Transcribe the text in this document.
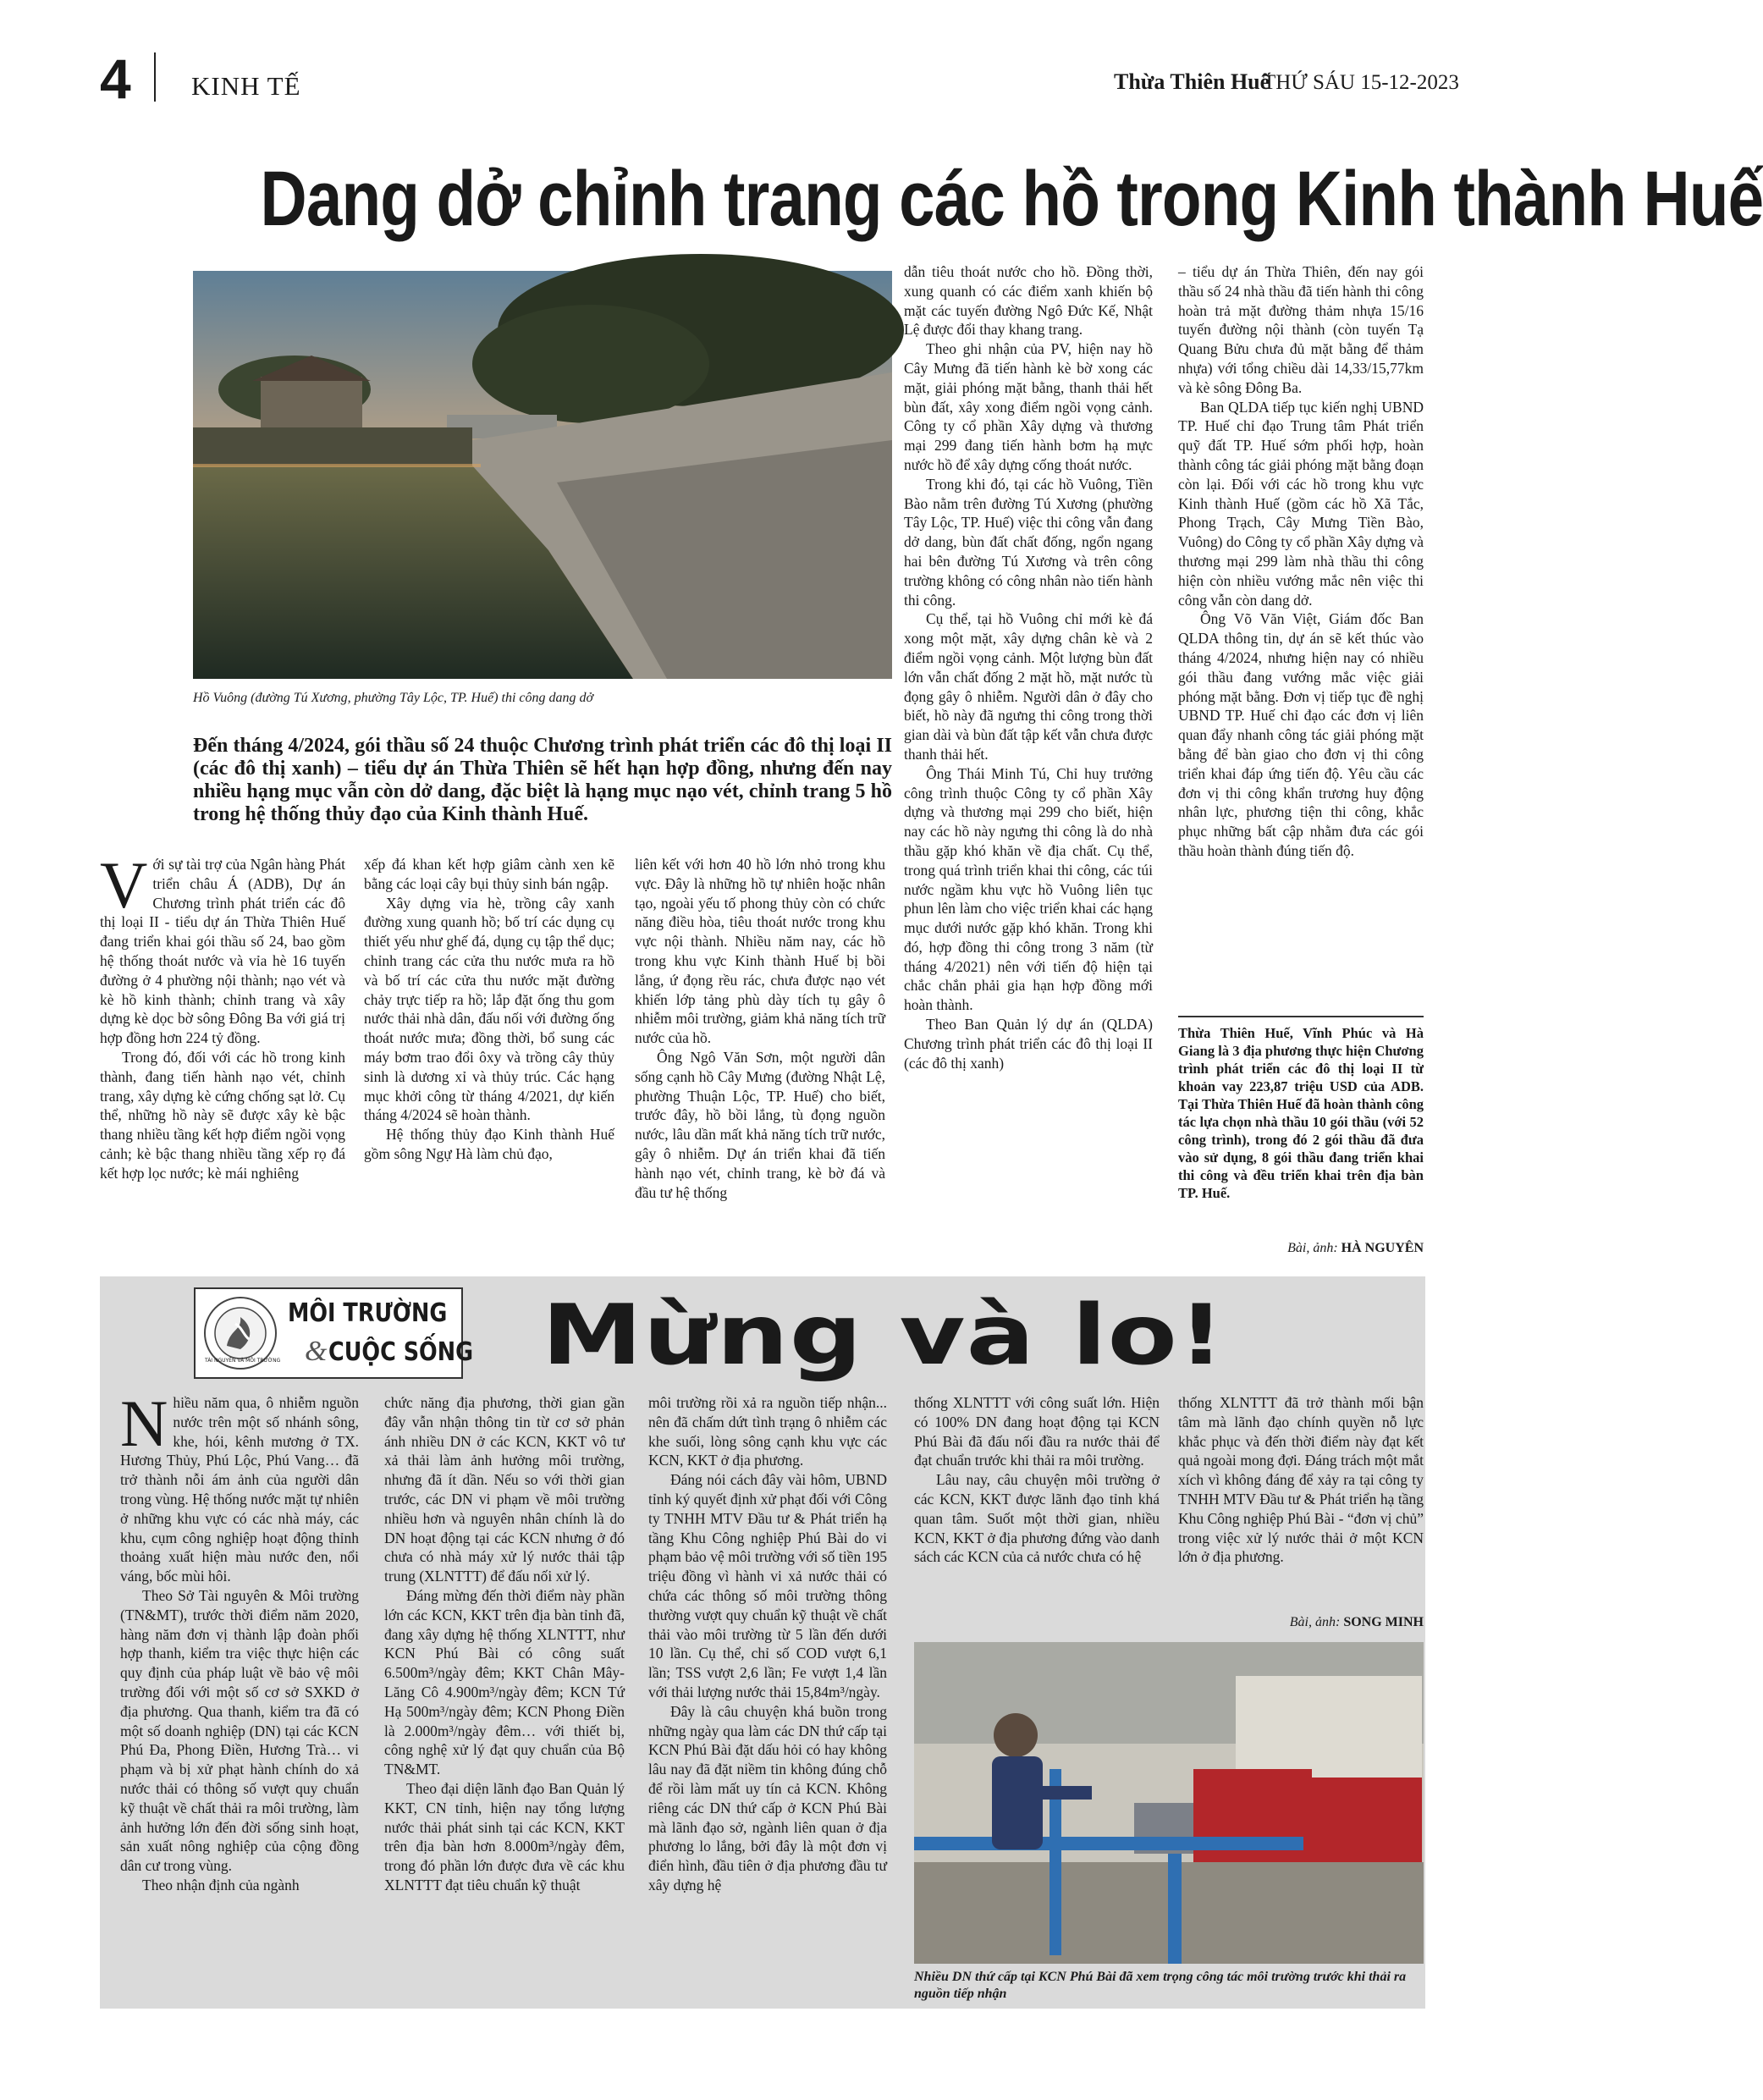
4 KINH TẾ	Thừa Thiên Huế
THỨ SÁU 15-12-2023
Dang dở chỉnh trang các hồ trong Kinh thành Huế
Hồ Vuông (đường Tú Xương, phường Tây Lộc, TP. Huế) thi công dang dở
Đến tháng 4/2024, gói thầu số 24 thuộc Chương trình phát triển các đô thị loại II (các đô thị xanh) – tiểu dự án Thừa Thiên sẽ hết hạn hợp đồng, nhưng đến nay nhiều hạng mục vẫn còn dở dang, đặc biệt là hạng mục nạo vét, chỉnh trang 5 hồ trong hệ thống thủy đạo của Kinh thành Huế.

Với sự tài trợ của Ngân hàng Phát triển châu Á (ADB), Dự án Chương trình phát triển các đô thị loại II - tiểu dự án Thừa Thiên Huế đang triển khai gói thầu số 24, bao gồm hệ thống thoát nước và vỉa hè 16 tuyến đường ở 4 phường nội thành; nạo vét và kè hồ kinh thành; chỉnh trang và xây dựng kè dọc bờ sông Đông Ba với giá trị hợp đồng hơn 224 tỷ đồng.

Trong đó, đối với các hồ trong kinh thành, đang tiến hành nạo vét, chỉnh trang, xây dựng kè cứng chống sạt lở. Cụ thể, những hồ này sẽ được xây kè bậc thang nhiều tầng kết hợp điểm ngồi vọng cảnh; kè bậc thang nhiều tầng xếp rọ đá kết hợp lọc nước; kè mái nghiêng

xếp đá khan kết hợp giâm cành xen kẽ bằng các loại cây bụi thủy sinh bán ngập.

Xây dựng vỉa hè, trồng cây xanh đường xung quanh hồ; bố trí các dụng cụ thiết yếu như ghế đá, dụng cụ tập thể dục; chỉnh trang các cửa thu nước mưa ra hồ và bố trí các cửa thu nước mặt đường chảy trực tiếp ra hồ; lắp đặt ống thu gom nước thải nhà dân, đấu nối với đường ống thoát nước mưa; đồng thời, bổ sung các máy bơm trao đổi ôxy và trồng cây thủy sinh là dương xỉ và thủy trúc. Các hạng mục khởi công từ tháng 4/2021, dự kiến tháng 4/2024 sẽ hoàn thành.

Hệ thống thủy đạo Kinh thành Huế gồm sông Ngự Hà làm chủ đạo,

liên kết với hơn 40 hồ lớn nhỏ trong khu vực. Đây là những hồ tự nhiên hoặc nhân tạo, ngoài yếu tố phong thủy còn có chức năng điều hòa, tiêu thoát nước trong khu vực nội thành. Nhiều năm nay, các hồ trong khu vực Kinh thành Huế bị bồi lắng, ứ đọng rều rác, chưa được nạo vét khiến lớp tảng phù dày tích tụ gây ô nhiễm môi trường, giảm khả năng tích trữ nước của hồ.

Ông Ngô Văn Sơn, một người dân sống cạnh hồ Cây Mưng (đường Nhật Lệ, phường Thuận Lộc, TP. Huế) cho biết, trước đây, hồ bồi lắng, tù đọng nguồn nước, lâu dần mất khả năng tích trữ nước, gây ô nhiễm. Dự án triển khai đã tiến hành nạo vét, chỉnh trang, kè bờ đá và đầu tư hệ thống

dẫn tiêu thoát nước cho hồ. Đồng thời, xung quanh có các điểm xanh khiến bộ mặt các tuyến đường Ngô Đức Kế, Nhật Lệ được đổi thay khang trang.

Theo ghi nhận của PV, hiện nay hồ Cây Mưng đã tiến hành kè bờ xong các mặt, giải phóng mặt bằng, thanh thải hết bùn đất, xây xong điểm ngồi vọng cảnh. Công ty cổ phần Xây dựng và thương mại 299 đang tiến hành bơm hạ mực nước hồ để xây dựng cống thoát nước.

Trong khi đó, tại các hồ Vuông, Tiền Bào nằm trên đường Tú Xương (phường Tây Lộc, TP. Huế) việc thi công vẫn đang dở dang, bùn đất chất đống, ngổn ngang hai bên đường Tú Xương và trên công trường không có công nhân nào tiến hành thi công.

Cụ thể, tại hồ Vuông chỉ mới kè đá xong một mặt, xây dựng chân kè và 2 điểm ngồi vọng cảnh. Một lượng bùn đất lớn vẫn chất đống 2 mặt hồ, mặt nước tù đọng gây ô nhiễm. Người dân ở đây cho biết, hồ này đã ngưng thi công trong thời gian dài và bùn đất tập kết vẫn chưa được thanh thải hết.

Ông Thái Minh Tú, Chỉ huy trưởng công trình thuộc Công ty cổ phần Xây dựng và thương mại 299 cho biết, hiện nay các hồ này ngưng thi công là do nhà thầu gặp khó khăn về địa chất. Cụ thể, trong quá trình triển khai thi công, các túi nước ngầm khu vực hồ Vuông liên tục phun lên làm cho việc triển khai các hạng mục dưới nước gặp khó khăn. Trong khi đó, hợp đồng thi công trong 3 năm (từ tháng 4/2021) nên với tiến độ hiện tại chắc chắn phải gia hạn hợp đồng mới hoàn thành.

Theo Ban Quản lý dự án (QLDA) Chương trình phát triển các đô thị loại II (các đô thị xanh)

– tiểu dự án Thừa Thiên, đến nay gói thầu số 24 nhà thầu đã tiến hành thi công hoàn trả mặt đường thảm nhựa 15/16 tuyến đường nội thành (còn tuyến Tạ Quang Bửu chưa đủ mặt bằng để thảm nhựa) với tổng chiều dài 14,33/15,77km và kè sông Đông Ba.

Ban QLDA tiếp tục kiến nghị UBND TP. Huế chỉ đạo Trung tâm Phát triển quỹ đất TP. Huế sớm phối hợp, hoàn thành công tác giải phóng mặt bằng đoạn còn lại. Đối với các hồ trong khu vực Kinh thành Huế (gồm các hồ Xã Tắc, Phong Trạch, Cây Mưng Tiền Bào, Vuông) do Công ty cổ phần Xây dựng và thương mại 299 làm nhà thầu thi công hiện còn nhiều vướng mắc nên việc thi công vẫn còn dang dở.

Ông Võ Văn Việt, Giám đốc Ban QLDA thông tin, dự án sẽ kết thúc vào tháng 4/2024, nhưng hiện nay có nhiều gói thầu đang vướng mắc việc giải phóng mặt bằng. Đơn vị tiếp tục đề nghị UBND TP. Huế chỉ đạo các đơn vị liên quan đẩy nhanh công tác giải phóng mặt bằng để bàn giao cho đơn vị thi công triển khai đáp ứng tiến độ. Yêu cầu các đơn vị thi công khẩn trương huy động nhân lực, phương tiện thi công, khắc phục những bất cập nhằm đưa các gói thầu hoàn thành đúng tiến độ.

Thừa Thiên Huế, Vĩnh Phúc và Hà Giang là 3 địa phương thực hiện Chương trình phát triển các đô thị loại II từ khoản vay 223,87 triệu USD của ADB. Tại Thừa Thiên Huế đã hoàn thành công tác lựa chọn nhà thầu 10 gói thầu (với 52 công trình), trong đó 2 gói thầu đã đưa vào sử dụng, 8 gói thầu đang triển khai thi công và đều triển khai trên địa bàn TP. Huế.
Bài, ảnh: HÀ NGUYÊN
TÀI NGUYÊN VÀ MÔI TRƯỜNG
MÔI TRƯỜNG
& CUỘC SỐNG Mừng và lo!

Nhiều năm qua, ô nhiễm nguồn nước trên một số nhánh sông, khe, hói, kênh mương ở TX. Hương Thủy, Phú Lộc, Phú Vang… đã trở thành nỗi ám ảnh của người dân trong vùng. Hệ thống nước mặt tự nhiên ở những khu vực có các nhà máy, các khu, cụm công nghiệp hoạt động thỉnh thoảng xuất hiện màu nước đen, nổi váng, bốc mùi hôi.

Theo Sở Tài nguyên & Môi trường (TN&MT), trước thời điểm năm 2020, hàng năm đơn vị thành lập đoàn phối hợp thanh, kiểm tra việc thực hiện các quy định của pháp luật về bảo vệ môi trường đối với một số cơ sở SXKD ở địa phương. Qua thanh, kiểm tra đã có một số doanh nghiệp (DN) tại các KCN Phú Đa, Phong Điền, Hương Trà… vi phạm và bị xử phạt hành chính do xả nước thải có thông số vượt quy chuẩn kỹ thuật về chất thải ra môi trường, làm ảnh hưởng lớn đến đời sống sinh hoạt, sản xuất nông nghiệp của cộng đồng dân cư trong vùng.

Theo nhận định của ngành

chức năng địa phương, thời gian gần đây vẫn nhận thông tin từ cơ sở phản ánh nhiều DN ở các KCN, KKT vô tư xả thải làm ảnh hưởng môi trường, nhưng đã ít dần. Nếu so với thời gian trước, các DN vi phạm về môi trường nhiều hơn và nguyên nhân chính là do DN hoạt động tại các KCN nhưng ở đó chưa có nhà máy xử lý nước thải tập trung (XLNTTT) để đấu nối xử lý.

Đáng mừng đến thời điểm này phần lớn các KCN, KKT trên địa bàn tỉnh đã, đang xây dựng hệ thống XLNTTT, như KCN Phú Bài có công suất 6.500m³/ngày đêm; KKT Chân Mây-Lăng Cô 4.900m³/ngày đêm; KCN Tứ Hạ 500m³/ngày đêm; KCN Phong Điền là 2.000m³/ngày đêm… với thiết bị, công nghệ xử lý đạt quy chuẩn của Bộ TN&MT.

Theo đại diện lãnh đạo Ban Quản lý KKT, CN tỉnh, hiện nay tổng lượng nước thải phát sinh tại các KCN, KKT trên địa bàn hơn 8.000m³/ngày đêm, trong đó phần lớn được đưa về các khu XLNTTT đạt tiêu chuẩn kỹ thuật

môi trường rồi xả ra nguồn tiếp nhận... nên đã chấm dứt tình trạng ô nhiễm các khe suối, lòng sông cạnh khu vực các KCN, KKT ở địa phương.

Đáng nói cách đây vài hôm, UBND tỉnh ký quyết định xử phạt đối với Công ty TNHH MTV Đầu tư & Phát triển hạ tầng Khu Công nghiệp Phú Bài do vi phạm bảo vệ môi trường với số tiền 195 triệu đồng vì hành vi xả nước thải có chứa các thông số môi trường thông thường vượt quy chuẩn kỹ thuật về chất thải vào môi trường từ 5 lần đến dưới 10 lần. Cụ thể, chỉ số COD vượt 6,1 lần; TSS vượt 2,6 lần; Fe vượt 1,4 lần với thải lượng nước thải 15,84m³/ngày.

Đây là câu chuyện khá buồn trong những ngày qua làm các DN thứ cấp tại KCN Phú Bài đặt dấu hỏi có hay không lâu nay đã đặt niềm tin không đúng chỗ để rồi làm mất uy tín cả KCN. Không riêng các DN thứ cấp ở KCN Phú Bài mà lãnh đạo sở, ngành liên quan ở địa phương lo lắng, bởi đây là một đơn vị điển hình, đầu tiên ở địa phương đầu tư xây dựng hệ

thống XLNTTT với công suất lớn. Hiện có 100% DN đang hoạt động tại KCN Phú Bài đã đấu nối đầu ra nước thải để đạt chuẩn trước khi thải ra môi trường.

Lâu nay, câu chuyện môi trường ở các KCN, KKT được lãnh đạo tỉnh khá quan tâm. Suốt một thời gian, nhiều KCN, KKT ở địa phương đứng vào danh sách các KCN của cả nước chưa có hệ

thống XLNTTT đã trở thành mối bận tâm mà lãnh đạo chính quyền nỗ lực khắc phục và đến thời điểm này đạt kết quả ngoài mong đợi. Đáng trách một mắt xích vì không đáng để xảy ra tại công ty TNHH MTV Đầu tư & Phát triển hạ tầng Khu Công nghiệp Phú Bài - “đơn vị chủ” trong việc xử lý nước thải ở một KCN lớn ở địa phương.

Bài, ảnh: SONG MINH
Nhiều DN thứ cấp tại KCN Phú Bài đã xem trọng công tác môi trường trước khi thải ra nguồn tiếp nhận
